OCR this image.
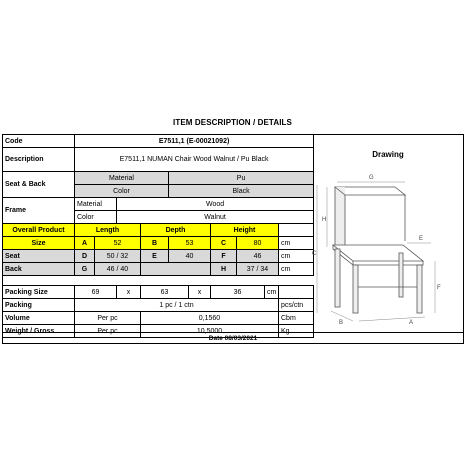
ITEM DESCRIPTION / DETAILS
Code	E7511,1 (E-00021092)									
Description	E7511,1 NUMAN Chair Wood Walnut / Pu Black									
Seat & Back	Material				Pu					
	Color				Black					
Frame	Material		Wood							
	Color		Walnut							
Overall Product	Length			Depth			Height			
Size	A	52		B	53		C	80		cm
Seat	D	50 / 32		E	40		F	46		cm
Back	G	46 / 40					H	37 / 34		cm

Packing Size	69		x	63		x	36		cm	
Packing	1 pc / 1 ctn									pcs/ctn
Volume	Per pc			0,1560						Cbm
Weight / Gross	Per pc			10,5000						Kg
Drawing
G
H
C
E
F
B	A
Date 08/03/2021
